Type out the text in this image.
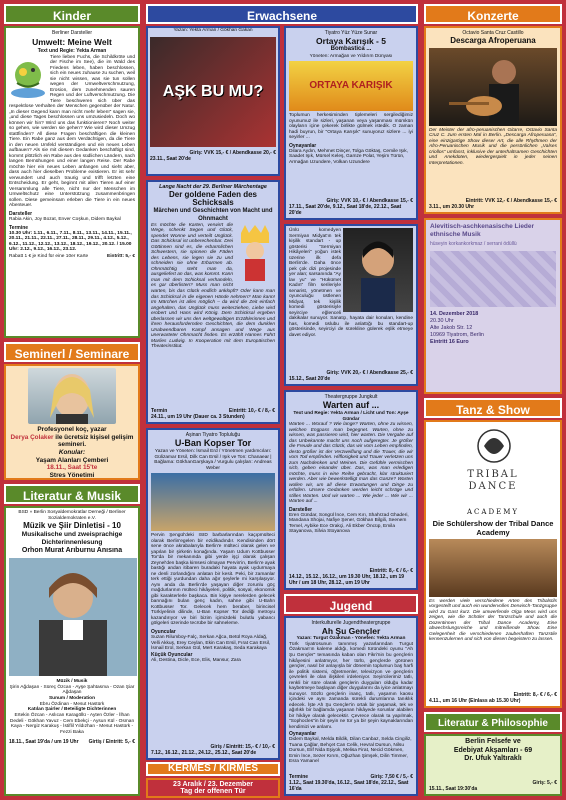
Kinder
Berliner Darsteller
Umwelt: Meine Welt
Text und Regie: Yekta Arman
Tiere lieben Fuchs, die Schildkröte und der Fische im See), die im Wald des Friedens leben, haben beschlossen, sich ein neues zuhause zu suchen, weil sie nicht wissen, was sie tun sollen wegen der Umweltverschmutzung, Erosion, dem zunehmenden sauren Regen und der Luftverschmutzung. Die Tiere beschweren sich über das respektlose Verhalten der Menschen gegenüber der Natur. „In dieser Gegend kann man nicht mehr leben!“ sagen sie, „und diese Tages beschlossen uns umzusiedeln. Doch wo können wir hin? Wird uns das funktionieren? Noch weiter so gehen, wie werden sie gehen? Wie wird dieser Umzug stattfinden? All diese Fragen beschäftigen die kleinen Tiere. Ein Rabe ganz aus dem Verdächtigen, da die Tiere in den neuen Umfeld verständigen und ein neues Leben aufbauen? Als sie mit diesem Gedanken beschäftigt sind, kommt plötzlich ein Rabe aus den südlichen Ländern, nach langen Bemühungen und einer langen Reise. Der Rabe möchte hier ein neues Leben anfangen und sieht aber, dass auch hier dieselben Probleme existieren. Er ist sehr verwundert und auch traurig und trifft letzten eine Entscheidung. Er geht, beginnt mit allen Tieren auf einer Versammlung alle Tiere, nicht nur der Menschen im Umweltschutz eine Unterstützung zusammenbringen sollen. Diese gemeinsam erleben die Tiere in ein neues Abenteuer.
Darsteller
Rabia Akin, Joy Bozat, Enver Coşkun, Didem Baykal
Termine
10.30 Uhr: 1.11., 6.11., 7.11., 8.11., 13.11., 14.11., 15.11., 20.11., 21.11., 22.11., 27.11., 28.11., 29.11., 4.12., 5.12., 6.12., 11.12., 12.12., 13.12., 18.12., 19.12., 20.12. / 15.00 Uhr: 2.12., 9.12., 16.12., 23.12.
Rabatt 1 € je Kind für eine 10er Karte	Eintritt: 5,- €
Seminerl / Seminare
Profesyonel koç, yazar
Derya Çolaker ile ücretsiz kişisel gelişim semineri.
Konular:
Yaşam Alanları Çemberi
18.11., Saat 15'te
Stres Yönetimi
Literatur & Musik
BSD » Berlin Sosyaldemokratlar Derneği / Berliner Sozialdemokraten e.V.
Müzik ve Şiir Dinletisi - 10
Musikalische und zweisprachige Dichterinnenlesung
Orhon Murat Arıburnu Anısına
Müzik / Musik
Şirin Ağdaşan - Süreç Özcan - Ayşe Şahtasma - Ozan Şiar Ağdaşan
Sunum / Moderation
Ebru Özdinan - Mesut Hastürk
Katılan Şairler / Beteiligte Dichterinnen
Ertekin Özcan - Aslıcan Karagöllü - Ayten Özler - İlhan Dedeli - Gökhan Yavuz - Cem Ebekçi - Aysun Kül - Osman Kaya - Nergiz Karakuş - İstiflil Yıldızhan - Mesut Hastürk - Fezzi Baka
18.11., Saat 19'da / um 19 Uhr Girtiş / Eintritt: 5,- €
Erwachsene
Yazan: Yekta Arman / Gökhan Gakan
AŞK BU MU?
Giriş: VVK 15,- € / Abendkasse 20,- €
23.11., Saat 20'de
Lange Nacht der 29. Berliner Märchentage
Der goldene Faden des Schicksals
Märchen und Geschichten von Macht und Ohnmacht
Es möchte die Karten, verwirrt die Wege, schenkt Segen und Glück, spendet Wonne und verteilt Unglück. Das Schicksal ist unberechenbar. Drei Göttinnen sind es, die erbarmlichen Schwestern, sie spinnen die Fäden des Lebens, sie legen sie zu und schneiden sie ohne Erbarmen ab. Ohnmächtig steht man da, ausgeliefert an das, was kommt. Kann man mit dem Schicksal verhandeln, es gar überlisten? Muss man nicht warten, bis das Glück endlich anklopft? Oder kann man das Schicksal in die eigenen Hände nehmen? Man kann! Im Märchen ist alles möglich – da wird die Zeit einfach angehalten, das Unglück muss weiterziehen, Liebe wird erobert und Hans wird König. Dem Schicksal ergeben überlassen wir uns den weltgewaltigen Erzählerinnen und ihren herausfordernden Geschichten, die dem dunklen Unabwendbaren Kampf ansagen und Wege aus unerwarteter Ohnmacht finden. Es erzählt Hannes Führt Marlies Ludwig. In Kooperation mit dem Europäischen Theaterinstitut.
Termin	Eintritt: 10,- € / 8,- €
24.11., um 19 Uhr (Dauer ca. 3 Stunden)
Aşinan Tiyatro Topluluğu
U-Ban Kopser Tor
Yazan ve Yöneten: İsmail Erd / Yönetmen yardımcıları: Gülizamar Ersil, Dilk Can Ersil / Işık ve Ton: Chanaear | Bağlama: GökhanGarşkaya / Vurgulu çalışları: Andreas Weber
Pervin Şengül'deki ISID barbarlarından kaçıpmülteci olarak Berlin'egelen bir ezidikadındır. Kendisinden dört sene önce akrabalarıyla Berlin'e mülteci olarak gelen ve yapılan bir şirketin konağında. Yaşam Udum Kottbusser Tor'da bir mekanında gibi yerde işçi olarak çalışan Zeynel'den başka kimsesi olmayan Pervin'in, Berlin'e ayak bastığı andan itibaren buradaki hayata ayak uydurmaya ne denli zorlandığını anlatan bir kesit. Peki, bir zamanlar terk ettiği yurdundan daha ağır şeylerle mi karşılaşıyor. Aynı anda da Berlin'de yaşayan diğer zorunlu göç mağdurlarının mülteci hikâyeleri, politik, sosyal, ekonomik gibi karakterlerle başkaca. Bin kişiye nerelerden gelecek barınağını bulan genç kadın, sahne gibi U-Bahn Kottbusser Tor. Gelecek hem beraber, birincisel Türkiyelinin dilinde, U-Ban Kopser Tor dediği metroyu kazandırıyor ve biri bizim içimizdeki bulutlu yabancı gölgeleri üzerinde tecrübe bir sahneleme.
Oyuncular
Suzan Rilumboy-Falç, Serkan Ağca, Betül Roya Aldağ, Velli Akkuş, Erey Ceylan, Ekin Can Ersil, Fırat Can Ersil, İsmail Erol, Serkan Gül, Mert Karakaş, Seda Karakaya
Küçük Oyuncular
Ali, Destina, Dicle, Ece, Elis, Mansur, Zara
Giriş / Eintritt: 15,- € / 10,- €
7.12., 16.12., 21.12., 24.12., 25.12., Saat 20'de
KERMES / KIRMES
23 Aralık / 23. Dezember
Tag der offenen Tür
Tiyatro Yüz Yüze Sunar
Ortaya Karışık - 5
Bombastica ...
Yöneten: Armağan ve Yıldırım Dünyası
ORTAYA KARIŞIK
Toplumun herkesiminden tiplemeleri sergilediğimiz oyunumuz ile sizleri, yaşanan veya yaşanması mümkün olayların içine çekerek birlikte gülmek istedik. O zaman hadi buyrun, bir "Ortaya Karışık" sunuyoruz sizlere ... iyi seyirler ...
Oynayanlar
Dilara Aydın, Mehmet Dinçer, Tolga Göktaş, Cemile Işık, Saadet Işık, Mürsel Keleş, Gamze Polat, Yeşim Türün, Armağan Uzundere, Volkan Uzundere
Giriş: VVK 10,- € / Abendkasse 15,- €
17.11., Saat 20'de, 9.12., Saat 18'de, 22.12., Saat 20'de
Ünlü komedyen Sermiyan Midyat'ın tek kişilik standart - up gösterisi "Sermiyan Hikâyeleri" yoğun istek üzerine ilk defa Berlin'de. Daha önce pek çok dizi projesinde yer alan; sarsanında "Ay lav yu" ve "Hükümet Kadın" film serileriyle senarist, yönetmen ve oyunculuğu üstlenen Midyat, tek kişilik komedi gösterisiyle seyirciye eğlenceli dakikalar sunuyor. Sanatçı, hayata dair konuları, kendine has, komedi üslubu ile anlattığı bu standart-up gösterisinde, seyirciyi de sürekline gülerek eşlik etmeye davet ediyor.
Giriş: VVK 20,- € / Abendkasse 25,- €
15.12., Saat 20'de
Theatergruppe Jungkult
Warten auf ...
Text und Regie: Yekta Arman / Licht und Ton: Ayşe Gündar
Warten ... Worauf ? Wie lange? Warten, ohne zu wissen, welchen Engpass man begegnet. Warten, ohne zu wissen, was passieren wird, hier warten. Die Vergabe auf das Unbekannte macht uns noch aufgeregter. Je größer die Freude und das Glück, das wir vom Leben empfinden, desto größer ist der Verzweiflung und die Trauer, die wir vom Tod empfinden. Hilflosigkeit und Trauer verletzen uns zum Nachdenken und Weinen. Die Gefühle vermischen sich, geben einander über. Das, was man erledigen möchte, muss in eine Reihe gebracht, klar strukturiert werden. Aber wie bewerkstelligt man das Ganze? Warten wollen wir, um all diese Erwartungen und Dinge zu erfüllen. Unsere Gedanken werden leicht schräge und stilles Warten. Und wir warten ... Wie jeder ... Wie wir ... Warten auf ...
Darsteller
Eren Gündar, Songül İnce, Cem Kırı, Shahrzad Ghaderi, Mandana Shojai, Nafiye Şener, Gökhan Bilgili, Seenem Temel, Aybike Ece Orakçi, Ali Ekber Öncüp, Emila Stayanova, Silvia Stoyanova
Eintritt: 8,- € / 6,- €
14.12., 15.12., 16.12., um 19.30 Uhr, 18.12., um 19 Uhr / um 18 Uhr, 28.12., um 19 Uhr
Jugend
Interkulturelle Jugendtheatergruppe
Ah Şu Gençler
Yazan: Turgut Özakman - Yöneten: Yekta Arman
Türk tiyatrosunun tanınmış yazarlarından Turgut Özakman'ın kaleme aldığı, komedi türündeki oyunu "Ah Şu Gençler" temasında kaban olan Fikri'nin bu gençlerin hikâyesini anlatmıyor, her türlü, gençlerde görünen gençler, nasıl bir anlayışla bir dönemin toplumun baş harfi ile politik sistemi, öğretmenler, televizyon ve gençlerin çevreleri ile olan ilişkileri irdeleniyor. Seyircilerimiz tatlı, renkli bir süre olarak gençlerin duyguları olduğu kadar kaybetmeye başlayan diğer duygularını da iyice anlatmayı sunuyor. Sözlü gençlerin inanç, tatlı, yaşamın kaosu içindeki ve aynı zamanda sürekli durumlarına tanıklık edecek. İşte Ah Şu Gençler'in ortak bir yaşamak, tek ve ağırlıklı bir bağlamda yaşanan hikâyede sorunlar alabilen bir hikâye olarak gelecektir. Çevrece olarak ta yapılmak, "Sophocles"in bir şeyin ne tür ya bir şeyin kaynaklarından kendimizi ve anlamı.
Oynayanlar
Didem Baykal, Melda Bildik, Dilan Canbaz, Selda Cingiliz, Tuana Çağlar, Behçet Can Celik, Hevral Dursun, Nilsu Dursun, Elif Nida Eşiyok, Melisa Firat, Necid Gökmen, Emin İnce, Sezer Kırım, Oğuzhan Şimşek, Dilin Timmer, Esra Yamanel
Termine	Giriş: 7,50 € / 5,- €
1.12., Saat 19.30'da, 16.12., Saat 18'de, 22.12., Saat 16'da
Konzerte
Octavio Santa Cruz Castillo
Descarga Afroperuana
Der Meister der afro-peruanischen Gitarre, Octavio Santa Cruz C. zum ersten Mal in Berlin. „Descarga Afroperuana“, eine einzigartige Show dieser Art, die alle Rhythmen der Afro-Peruanischen Musik und die persönlichen „Valses criollos“ umfasst, inklusive der unterhaltsamen Geschichten und Anekdoten, wiedergespielt in jeder seinen Interpretationen.
Eintritt: VVK 12,- € / Abendkasse 15,- €
3.11., um 20.30 Uhr
Alevitisch-aschkenasische Lieder ethnische Musik
hüseyin korkankorkmaz / serrani ödüllü
14. Dezember 2018
20.30 Uhr
Alte Jakob Str. 12
10969 Tiyatrom, Berlin
Eintritt 16 Euro
Tanz & Show
TRIBAL
DANCE
ACADEMY
Die Schülershow der Tribal Dance Academy
Es werden viele verschiedene Arten des Tribalstils vorgestellt und auch ein wundervolles Derwisch-Tanzgruppe wird zu Gast kurz. Die umwerfende Olga Meos wird uns zeigen, wie die Schüler der Tanzschule und auch die Dozentinnen der Tribal Dance Academy, Eine abwechslungsreiche und mitreißende Show. Eine Gelegenheit die verschiedenen zauberhaften Tanzstile kennenzulernen und sich von diesen begeistern zu lassen.
Eintritt: 8,- € / 6,- €
4.11., um 16 Uhr (Einlass ab 15.30 Uhr)
Literatur & Philosophie
Berlin Felsefe ve
Edebiyat Akşamları - 69
Dr. Ufuk Yaltıraklı
Giriş: 5,- €
15.11., Saat 19:30'da
